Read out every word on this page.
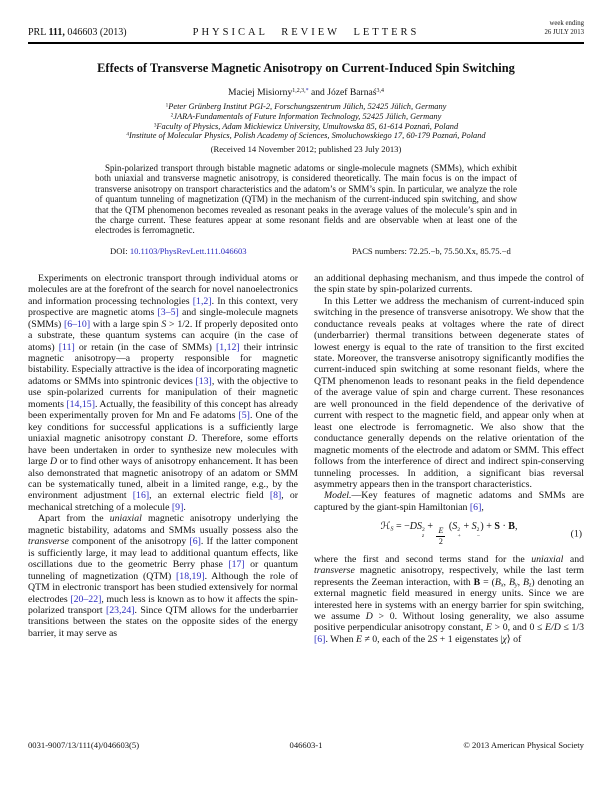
PRL 111, 046603 (2013)	PHYSICAL REVIEW LETTERS
week ending
26 JULY 2013
Effects of Transverse Magnetic Anisotropy on Current-Induced Spin Switching
Maciej Misiorny$^{1,2,3,*}$ and Józef Barnaś$^{3,4}$
$^1$Peter Grünberg Institut PGI-2, Forschungszentrum Jülich, 52425 Jülich, Germany
$^2$JARA-Fundamentals of Future Information Technology, 52425 Jülich, Germany
$^3$Faculty of Physics, Adam Mickiewicz University, Umultowska 85, 61-614 Poznań, Poland
$^4$Institute of Molecular Physics, Polish Academy of Sciences, Smoluchowskiego 17, 60-179 Poznań, Poland
(Received 14 November 2012; published 23 July 2013)
Spin-polarized transport through bistable magnetic adatoms or single-molecule magnets (SMMs), which exhibit both uniaxial and transverse magnetic anisotropy, is considered theoretically. The main focus is on the impact of transverse anisotropy on transport characteristics and the adatom’s or SMM’s spin. In particular, we analyze the role of quantum tunneling of magnetization (QTM) in the mechanism of the current-induced spin switching, and show that the QTM phenomenon becomes revealed as resonant peaks in the average values of the molecule’s spin and in the charge current. These features appear at some resonant fields and are observable when at least one of the electrodes is ferromagnetic.
DOI: 10.1103/PhysRevLett.111.046603	PACS numbers: 72.25.−b, 75.50.Xx, 85.75.−d

Experiments on electronic transport through individual atoms or molecules are at the forefront of the search for novel nanoelectronics and information processing technologies [1,2]. In this context, very prospective are magnetic atoms [3–5] and single-molecule magnets (SMMs) [6–10] with a large spin S > 1/2. If properly deposited onto a substrate, these quantum systems can acquire (in the case of atoms) [11] or retain (in the case of SMMs) [1,12] their intrinsic magnetic anisotropy—a property responsible for magnetic bistability. Especially attractive is the idea of incorporating magnetic adatoms or SMMs into spintronic devices [13], with the objective to use spin-polarized currents for manipulation of their magnetic moments [14,15]. Actually, the feasibility of this concept has already been experimentally proven for Mn and Fe adatoms [5]. One of the key conditions for successful applications is a sufficiently large uniaxial magnetic anisotropy constant D. Therefore, some efforts have been undertaken in order to synthesize new molecules with large D or to find other ways of anisotropy enhancement. It has been also demonstrated that magnetic anisotropy of an adatom or SMM can be systematically tuned, albeit in a limited range, e.g., by the environment adjustment [16], an external electric field [8], or mechanical stretching of a molecule [9].

Apart from the uniaxial magnetic anisotropy underlying the magnetic bistability, adatoms and SMMs usually possess also the transverse component of the anisotropy [6]. If the latter component is sufficiently large, it may lead to additional quantum effects, like oscillations due to the geometric Berry phase [17] or quantum tunneling of magnetization (QTM) [18,19]. Although the role of QTM in electronic transport has been studied extensively for normal electrodes [20–22], much less is known as to how it affects the spin-polarized transport [23,24]. Since QTM allows for the underbarrier transitions between the states on the opposite sides of the energy barrier, it may serve as

an additional dephasing mechanism, and thus impede the control of the spin state by spin-polarized currents.

In this Letter we address the mechanism of current-induced spin switching in the presence of transverse anisotropy. We show that the conductance reveals peaks at voltages where the rate of direct (underbarrier) thermal transitions between degenerate states of lowest energy is equal to the rate of transition to the first excited state. Moreover, the transverse anisotropy significantly modifies the current-induced spin switching at some resonant fields, where the QTM phenomenon leads to resonant peaks in the field dependence of the average value of spin and charge current. These resonances are well pronounced in the field dependence of the derivative of current with respect to the magnetic field, and appear only when at least one electrode is ferromagnetic. We also show that the conductance generally depends on the relative orientation of the magnetic moments of the electrode and adatom or SMM. This effect follows from the interference of direct and indirect spin-conserving tunneling processes. In addition, a significant bias reversal asymmetry appears then in the transport characteristics.

Model.—Key features of magnetic adatoms and SMMs are captured by the giant-spin Hamiltonian [6],

ℋS = −DS 2
z
+ $\frac{E}{2} (S$ 2
+
+ S 2
−
) + S · B,
(1)

where the first and second terms stand for the uniaxial and transverse magnetic anisotropy, respectively, while the last term represents the Zeeman interaction, with B = (Bx, By, Bz) denoting an external magnetic field measured in energy units. Since we are interested here in systems with an energy barrier for spin switching, we assume D > 0. Without losing generality, we also assume positive perpendicular anisotropy constant, E > 0, and 0 ≤ E/D ≤ 1/3 [6]. When E ≠ 0, each of the 2S + 1 eigenstates |χ⟩ of

0031-9007/13/111(4)/046603(5)	046603-1	© 2013 American Physical Society
